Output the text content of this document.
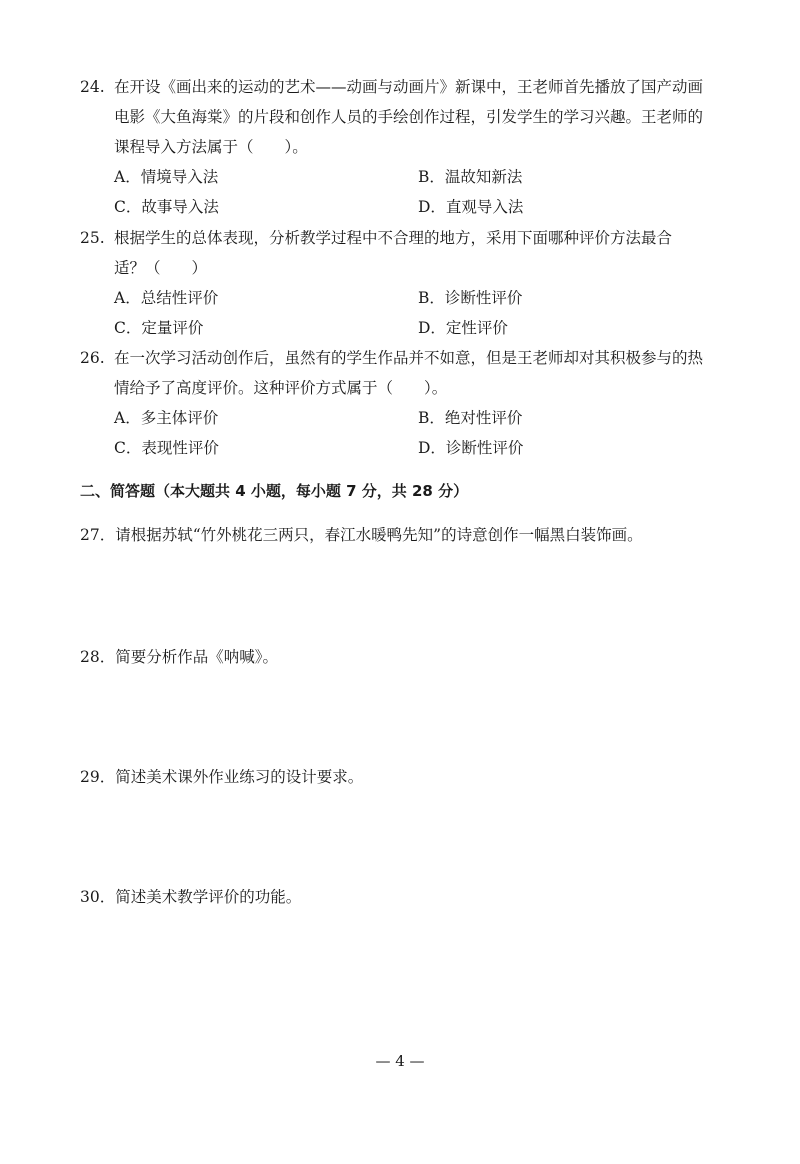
24. 在开设《画出来的运动的艺术——动画与动画片》新课中，王老师首先播放了国产动画
电影《大鱼海棠》的片段和创作人员的手绘创作过程，引发学生的学习兴趣。王老师的
课程导入方法属于（　　）。
A．情境导入法	B．温故知新法
C．故事导入法	D．直观导入法
25. 根据学生的总体表现，分析教学过程中不合理的地方，采用下面哪种评价方法最合
适？（　　）
A．总结性评价	B．诊断性评价
C．定量评价	D．定性评价
26. 在一次学习活动创作后，虽然有的学生作品并不如意，但是王老师却对其积极参与的热
情给予了高度评价。这种评价方式属于（　　）。
A．多主体评价	B．绝对性评价
C．表现性评价	D．诊断性评价
二、简答题（本大题共 4 小题，每小题 7 分，共 28 分）
27．请根据苏轼“竹外桃花三两只，春江水暖鸭先知”的诗意创作一幅黑白装饰画。
28．简要分析作品《呐喊》。
29．简述美术课外作业练习的设计要求。
30．简述美术教学评价的功能。
— 4 —
